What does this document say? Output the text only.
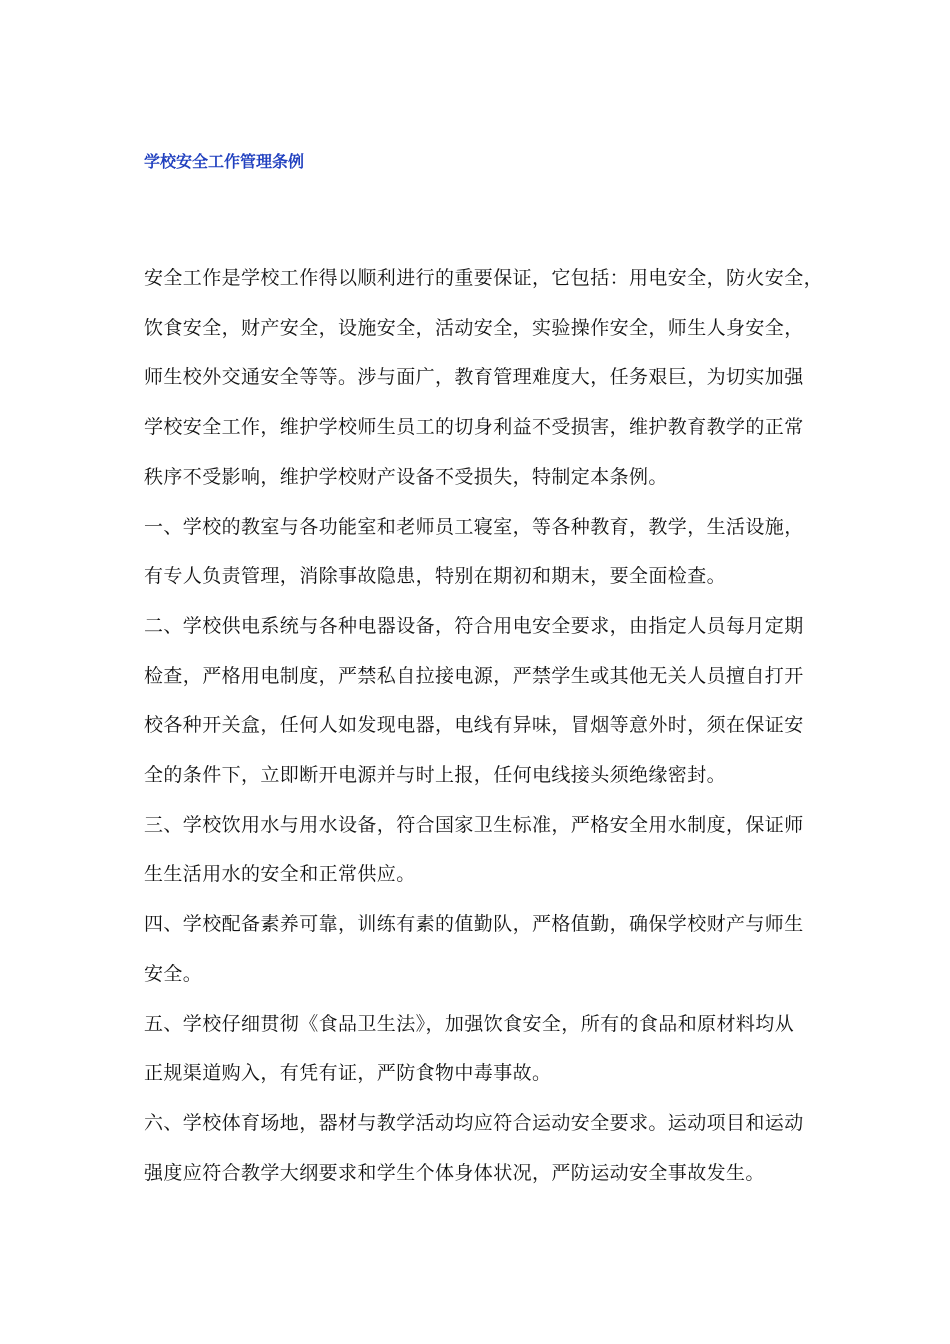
学校安全工作管理条例
安全工作是学校工作得以顺利进行的重要保证，它包括：用电安全，防火安全，
饮食安全，财产安全，设施安全，活动安全，实验操作安全，师生人身安全，
师生校外交通安全等等。涉与面广，教育管理难度大，任务艰巨，为切实加强
学校安全工作，维护学校师生员工的切身利益不受损害，维护教育教学的正常
秩序不受影响，维护学校财产设备不受损失，特制定本条例。
一、学校的教室与各功能室和老师员工寝室，等各种教育，教学，生活设施，
有专人负责管理，消除事故隐患，特别在期初和期末，要全面检查。
二、学校供电系统与各种电器设备，符合用电安全要求，由指定人员每月定期
检查，严格用电制度，严禁私自拉接电源，严禁学生或其他无关人员擅自打开
校各种开关盒，任何人如发现电器，电线有异味，冒烟等意外时，须在保证安
全的条件下，立即断开电源并与时上报，任何电线接头须绝缘密封。
三、学校饮用水与用水设备，符合国家卫生标准，严格安全用水制度，保证师
生生活用水的安全和正常供应。
四、学校配备素养可靠，训练有素的值勤队，严格值勤，确保学校财产与师生
安全。
五、学校仔细贯彻《食品卫生法》，加强饮食安全，所有的食品和原材料均从
正规渠道购入，有凭有证，严防食物中毒事故。
六、学校体育场地，器材与教学活动均应符合运动安全要求。运动项目和运动
强度应符合教学大纲要求和学生个体身体状况，严防运动安全事故发生。
